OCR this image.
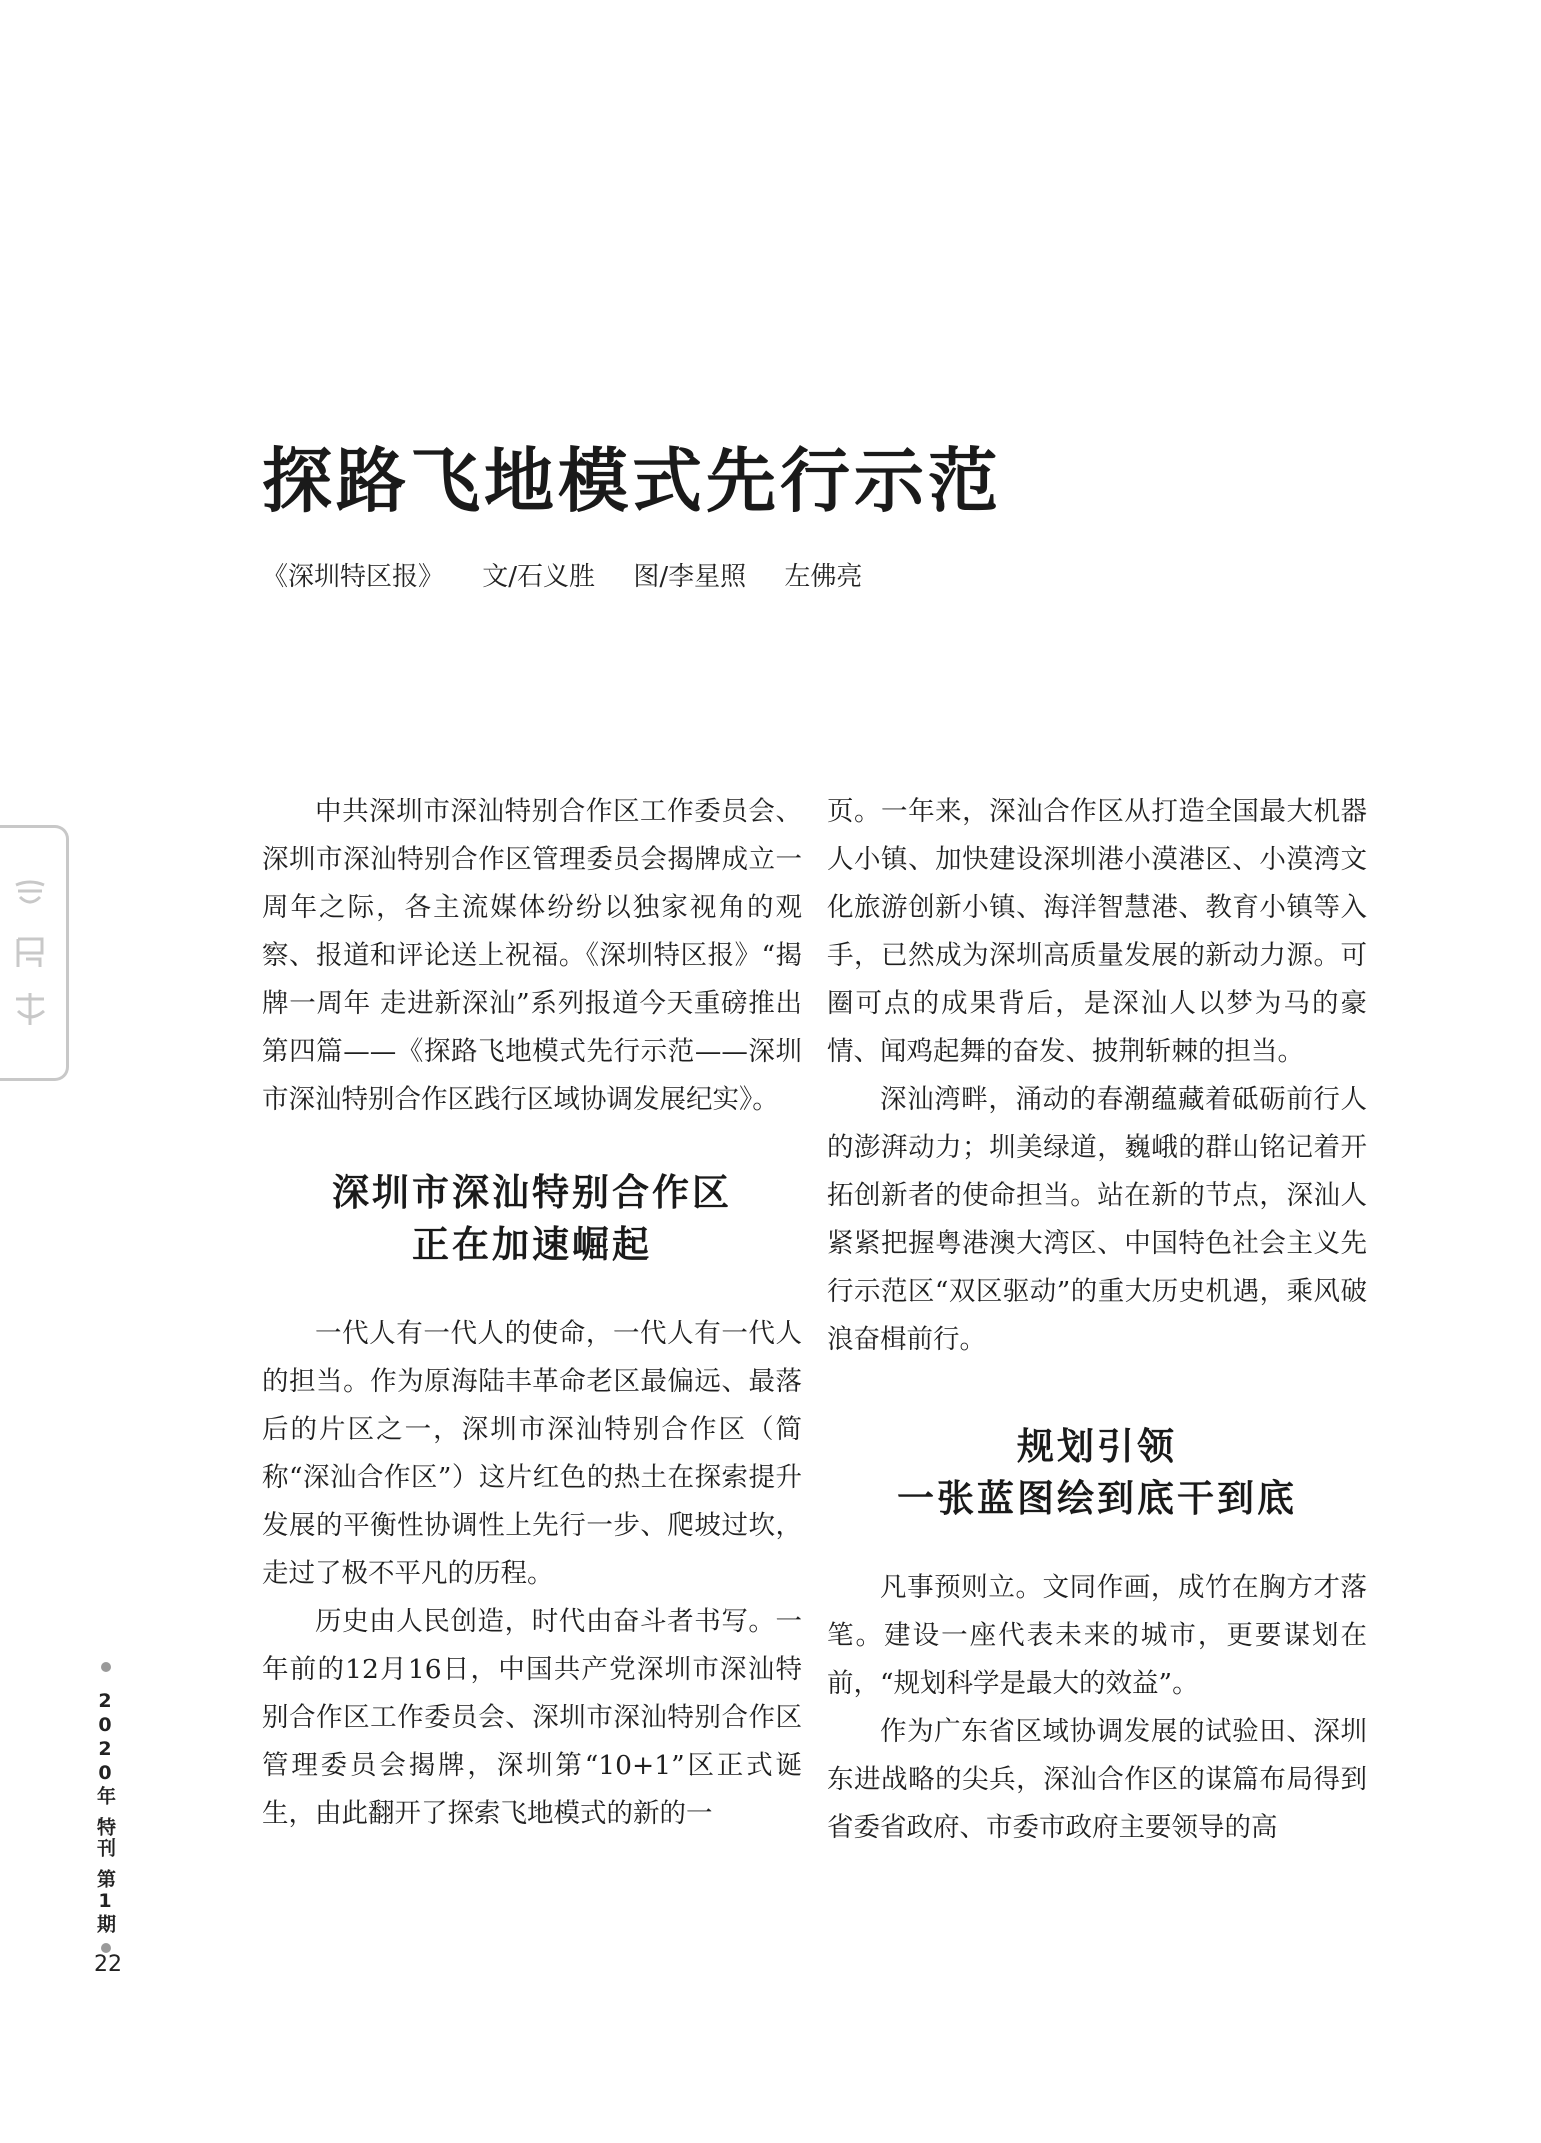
探路飞地模式先行示范
《深圳特区报》 文/石义胜 图/李星照 左佛亮

中共深圳市深汕特别合作区工作委员会、深圳市深汕特别合作区管理委员会揭牌成立一周年之际，各主流媒体纷纷以独家视角的观察、报道和评论送上祝福。《深圳特区报》“揭牌一周年 走进新深汕”系列报道今天重磅推出第四篇——《探路飞地模式先行示范——深圳市深汕特别合作区践行区域协调发展纪实》。

深圳市深汕特别合作区
正在加速崛起

一代人有一代人的使命，一代人有一代人的担当。作为原海陆丰革命老区最偏远、最落后的片区之一，深圳市深汕特别合作区（简称“深汕合作区”）这片红色的热土在探索提升发展的平衡性协调性上先行一步、爬坡过坎，走过了极不平凡的历程。

历史由人民创造，时代由奋斗者书写。一年前的12月16日，中国共产党深圳市深汕特别合作区工作委员会、深圳市深汕特别合作区管理委员会揭牌，深圳第“10+1”区正式诞生，由此翻开了探索飞地模式的新的一

页。一年来，深汕合作区从打造全国最大机器人小镇、加快建设深圳港小漠港区、小漠湾文化旅游创新小镇、海洋智慧港、教育小镇等入手，已然成为深圳高质量发展的新动力源。可圈可点的成果背后，是深汕人以梦为马的豪情、闻鸡起舞的奋发、披荆斩棘的担当。

深汕湾畔，涌动的春潮蕴藏着砥砺前行人的澎湃动力；圳美绿道，巍峨的群山铭记着开拓创新者的使命担当。站在新的节点，深汕人紧紧把握粤港澳大湾区、中国特色社会主义先行示范区“双区驱动”的重大历史机遇，乘风破浪奋楫前行。

规划引领
一张蓝图绘到底干到底

凡事预则立。文同作画，成竹在胸方才落笔。建设一座代表未来的城市，更要谋划在前，“规划科学是最大的效益”。

作为广东省区域协调发展的试验田、深圳东进战略的尖兵，深汕合作区的谋篇布局得到省委省政府、市委市政府主要领导的高

2020年特刊第1期
22
